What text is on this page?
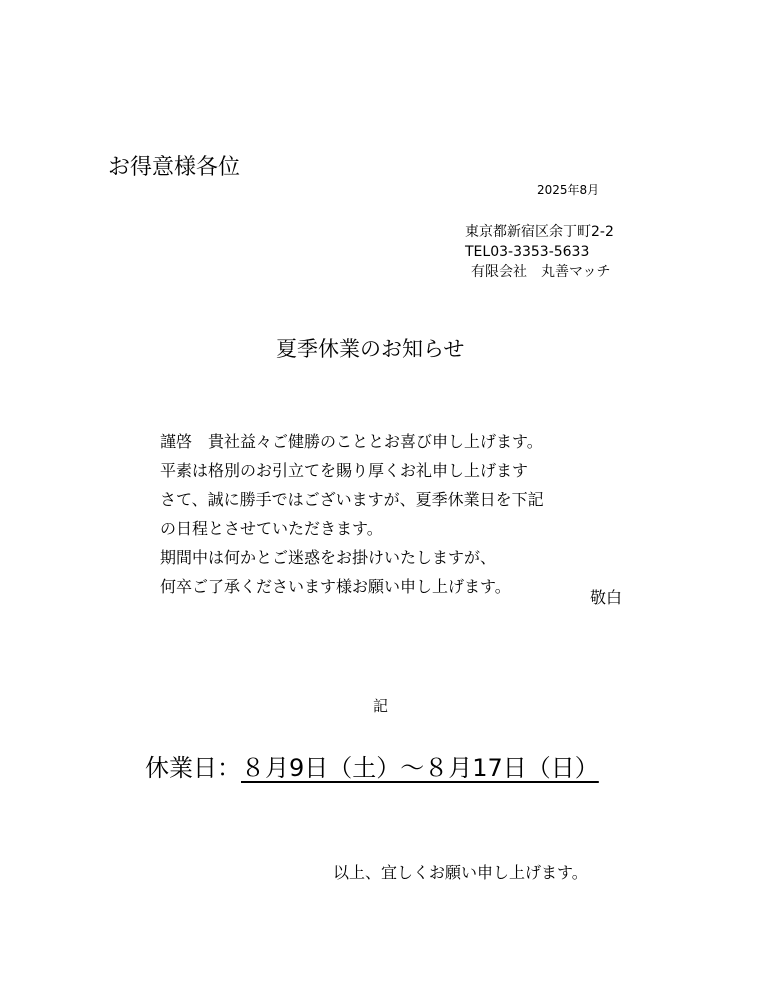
お得意様各位
2025年8月
東京都新宿区余丁町2-2
TEL03-3353-5633
有限会社　丸善マッチ
夏季休業のお知らせ
謹啓　貴社益々ご健勝のこととお喜び申し上げます。
平素は格別のお引立てを賜り厚くお礼申し上げます
さて、誠に勝手ではございますが、夏季休業日を下記
の日程とさせていただきます。
期間中は何かとご迷惑をお掛けいたしますが、
何卒ご了承くださいます様お願い申し上げます。
敬白
記
休業日：８月9日（土）～８月17日（日）
以上、宜しくお願い申し上げます。
